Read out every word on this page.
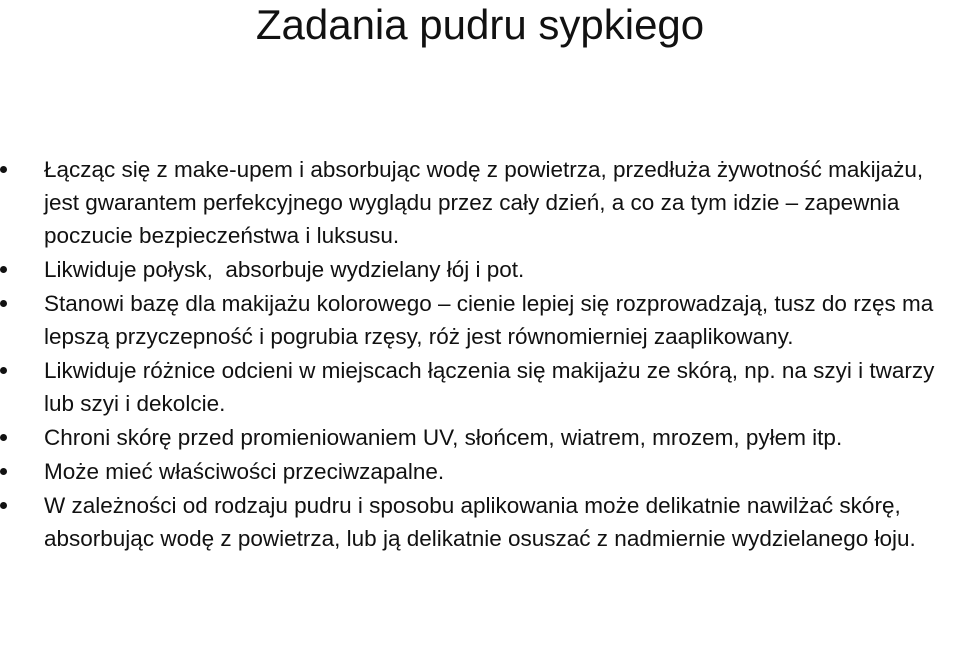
Zadania pudru sypkiego
Łącząc się z make-upem i absorbując wodę z powietrza, przedłuża żywotność makijażu, jest gwarantem perfekcyjnego wyglądu przez cały dzień, a co za tym idzie – zapewnia poczucie bezpieczeństwa i luksusu.
Likwiduje połysk,  absorbuje wydzielany łój i pot.
Stanowi bazę dla makijażu kolorowego – cienie lepiej się rozprowadzają, tusz do rzęs ma lepszą przyczepność i pogrubia rzęsy, róż jest równomierniej zaaplikowany.
Likwiduje różnice odcieni w miejscach łączenia się makijażu ze skórą, np. na szyi i twarzy lub szyi i dekolcie.
Chroni skórę przed promieniowaniem UV, słońcem, wiatrem, mrozem, pyłem itp.
Może mieć właściwości przeciwzapalne.
W zależności od rodzaju pudru i sposobu aplikowania może delikatnie nawilżać skórę, absorbując wodę z powietrza, lub ją delikatnie osuszać z nadmiernie wydzielanego łoju.
